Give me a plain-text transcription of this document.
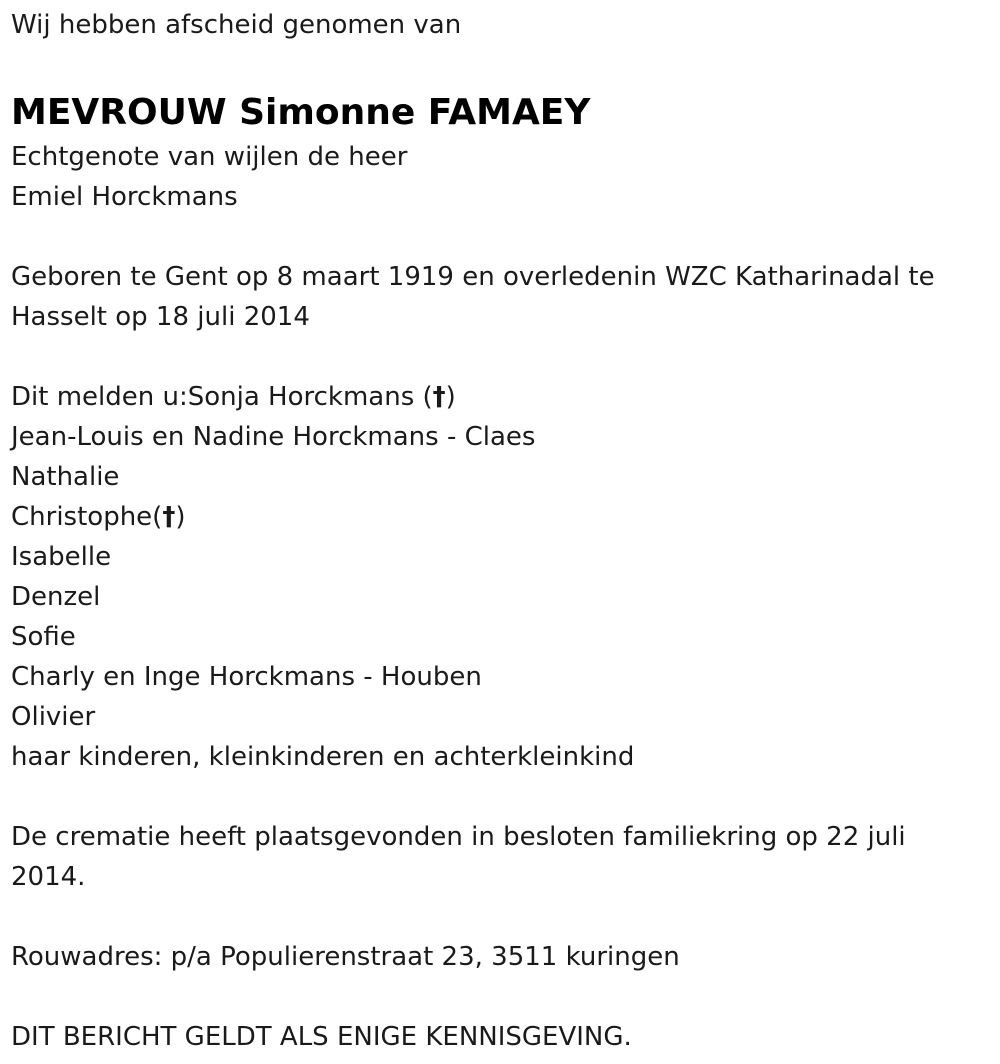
Wij hebben afscheid genomen van
MEVROUW Simonne FAMAEY
Echtgenote van wijlen de heer
Emiel Horckmans
Geboren te Gent op 8 maart 1919 en overledenin WZC Katharinadal te Hasselt op 18 juli 2014
Dit melden u:Sonja Horckmans (†)
Jean-Louis en Nadine Horckmans - Claes
Nathalie
Christophe(†)
Isabelle
Denzel
Sofie
Charly en Inge Horckmans - Houben
Olivier
haar kinderen, kleinkinderen en achterkleinkind
De crematie heeft plaatsgevonden in besloten familiekring op 22 juli 2014.
Rouwadres: p/a Populierenstraat 23, 3511 kuringen
DIT BERICHT GELDT ALS ENIGE KENNISGEVING.
